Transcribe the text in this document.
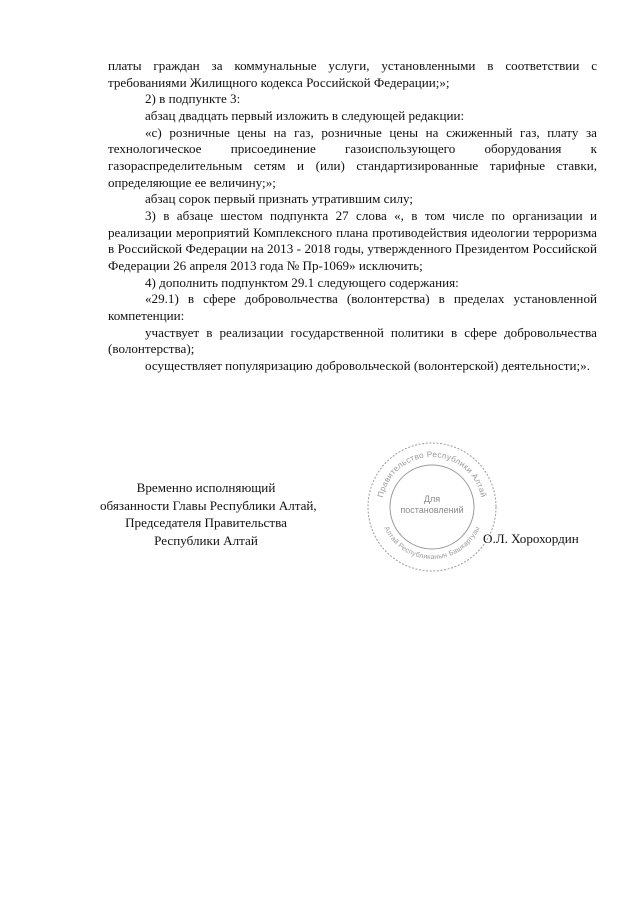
платы граждан за коммунальные услуги, установленными в соответствии с требованиями Жилищного кодекса Российской Федерации;»;

2) в подпункте 3:

абзац двадцать первый изложить в следующей редакции:

«с) розничные цены на газ, розничные цены на сжиженный газ, плату за технологическое присоединение газоиспользующего оборудования к газораспределительным сетям и (или) стандартизированные тарифные ставки, определяющие ее величину;»;

абзац сорок первый признать утратившим силу;

3) в абзаце шестом подпункта 27 слова «, в том числе по организации и реализации мероприятий Комплексного плана противодействия идеологии терроризма в Российской Федерации на 2013 - 2018 годы, утвержденного Президентом Российской Федерации 26 апреля 2013 года № Пр-1069» исключить;

4) дополнить подпунктом 29.1 следующего содержания:

«29.1) в сфере добровольчества (волонтерства) в пределах установленной компетенции:

участвует в реализации государственной политики в сфере добровольчества (волонтерства);

осуществляет популяризацию добровольческой (волонтерской) деятельности;».

Временно исполняющий
обязанности Главы Республики Алтай,
Председателя Правительства
Республики Алтай
Правительство Республики Алтай
Алтай Республиканын Башкартузы
Для
постановлений
О.Л. Хорохордин
